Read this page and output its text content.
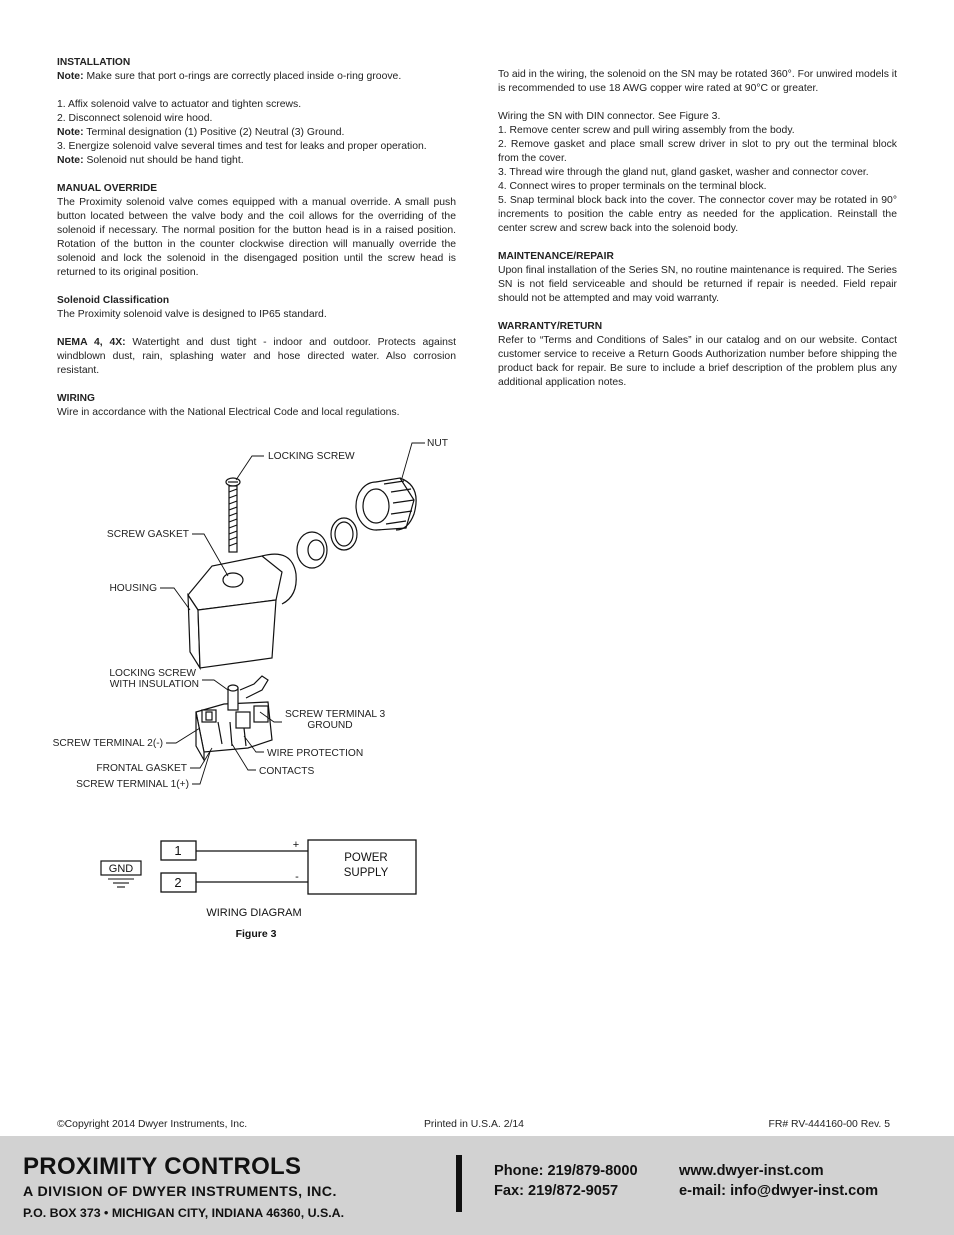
INSTALLATION

Note: Make sure that port o-rings are correctly placed inside o-ring groove.

1. Affix solenoid valve to actuator and tighten screws.

2. Disconnect solenoid wire hood.

Note: Terminal designation (1) Positive (2) Neutral (3) Ground.

3. Energize solenoid valve several times and test for leaks and proper operation.

Note: Solenoid nut should be hand tight.

MANUAL OVERRIDE

The Proximity solenoid valve comes equipped with a manual override. A small push button located between the valve body and the coil allows for the overriding of the solenoid if necessary. The normal position for the button head is in a raised position. Rotation of the button in the counter clockwise direction will manually override the solenoid and lock the solenoid in the disengaged position until the screw head is returned to its original position.

Solenoid Classification

The Proximity solenoid valve is designed to IP65 standard.

NEMA 4, 4X: Watertight and dust tight - indoor and outdoor. Protects against windblown dust, rain, splashing water and hose directed water. Also corrosion resistant.

WIRING

Wire in accordance with the National Electrical Code and local regulations.

To aid in the wiring, the solenoid on the SN may be rotated 360°. For unwired models it is recommended to use 18 AWG copper wire rated at 90°C or greater.

Wiring the SN with DIN connector. See Figure 3.

1. Remove center screw and pull wiring assembly from the body.

2. Remove gasket and place small screw driver in slot to pry out the terminal block from the cover.

3. Thread wire through the gland nut, gland gasket, washer and connector cover.

4. Connect wires to proper terminals on the terminal block.

5. Snap terminal block back into the cover. The connector cover may be rotated in 90° increments to position the cable entry as needed for the application. Reinstall the center screw and screw back into the solenoid body.

MAINTENANCE/REPAIR

Upon final installation of the Series SN, no routine maintenance is required. The Series SN is not field serviceable and should be returned if repair is needed. Field repair should not be attempted and may void warranty.

WARRANTY/RETURN

Refer to “Terms and Conditions of Sales” in our catalog and on our website. Contact customer service to receive a Return Goods Authorization number before shipping the product back for repair. Be sure to include a brief description of the problem plus any additional application notes.

NUT
LOCKING SCREW
SCREW GASKET
HOUSING
LOCKING SCREW
WITH INSULATION
SCREW TERMINAL 3
GROUND
SCREW TERMINAL 2(-)
WIRE PROTECTION
FRONTAL GASKET	CONTACTS
SCREW TERMINAL 1(+)
1
2
+
-
POWER
SUPPLY
GND
WIRING DIAGRAM
Figure 3
©Copyright 2014 Dwyer Instruments, Inc.	Printed in U.S.A. 2/14	FR# RV-444160-00 Rev. 5
PROXIMITY CONTROLS
A DIVISION OF DWYER INSTRUMENTS, INC.
P.O. BOX 373 • MICHIGAN CITY, INDIANA 46360, U.S.A.
Phone: 219/879-8000
Fax: 219/872-9057
www.dwyer-inst.com
e-mail: info@dwyer-inst.com
